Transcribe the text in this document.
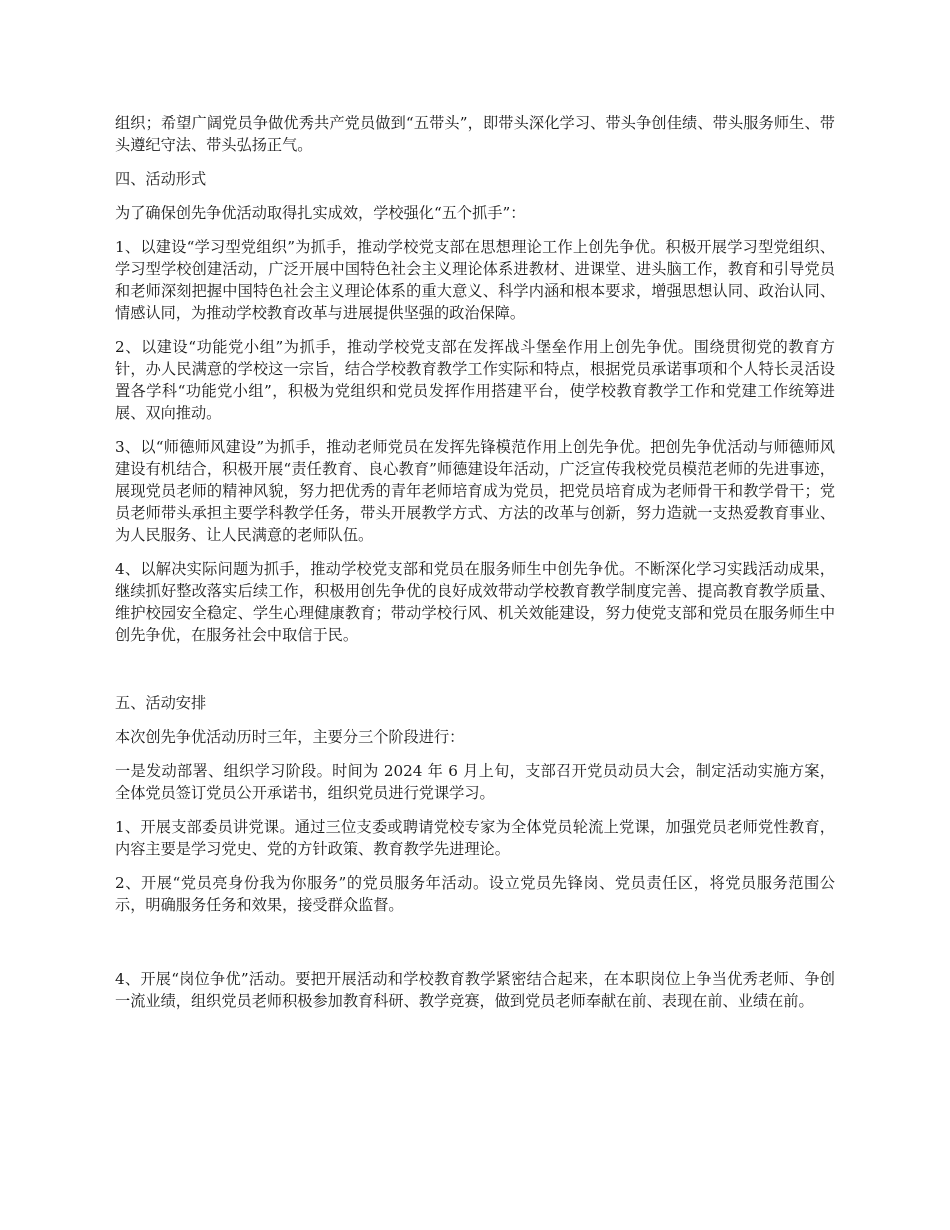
组织；希望广阔党员争做优秀共产党员做到“五带头”，即带头深化学习、带头争创佳绩、带头服务师生、带头遵纪守法、带头弘扬正气。

四、活动形式

为了确保创先争优活动取得扎实成效，学校强化“五个抓手”：

1、以建设“学习型党组织”为抓手，推动学校党支部在思想理论工作上创先争优。积极开展学习型党组织、学习型学校创建活动，广泛开展中国特色社会主义理论体系进教材、进课堂、进头脑工作，教育和引导党员和老师深刻把握中国特色社会主义理论体系的重大意义、科学内涵和根本要求，增强思想认同、政治认同、情感认同，为推动学校教育改革与进展提供坚强的政治保障。

2、以建设“功能党小组”为抓手，推动学校党支部在发挥战斗堡垒作用上创先争优。围绕贯彻党的教育方针，办人民满意的学校这一宗旨，结合学校教育教学工作实际和特点，根据党员承诺事项和个人特长灵活设置各学科“功能党小组”，积极为党组织和党员发挥作用搭建平台，使学校教育教学工作和党建工作统筹进展、双向推动。

3、以“师德师风建设”为抓手，推动老师党员在发挥先锋模范作用上创先争优。把创先争优活动与师德师风建设有机结合，积极开展“责任教育、良心教育”师德建设年活动，广泛宣传我校党员模范老师的先进事迹，展现党员老师的精神风貌，努力把优秀的青年老师培育成为党员，把党员培育成为老师骨干和教学骨干；党员老师带头承担主要学科教学任务，带头开展教学方式、方法的改革与创新，努力造就一支热爱教育事业、为人民服务、让人民满意的老师队伍。

4、以解决实际问题为抓手，推动学校党支部和党员在服务师生中创先争优。不断深化学习实践活动成果，继续抓好整改落实后续工作，积极用创先争优的良好成效带动学校教育教学制度完善、提高教育教学质量、维护校园安全稳定、学生心理健康教育；带动学校行风、机关效能建设，努力使党支部和党员在服务师生中创先争优，在服务社会中取信于民。

五、活动安排

本次创先争优活动历时三年，主要分三个阶段进行：

一是发动部署、组织学习阶段。时间为 2024 年 6 月上旬，支部召开党员动员大会，制定活动实施方案，全体党员签订党员公开承诺书，组织党员进行党课学习。

1、开展支部委员讲党课。通过三位支委或聘请党校专家为全体党员轮流上党课，加强党员老师党性教育，内容主要是学习党史、党的方针政策、教育教学先进理论。

2、开展“党员亮身份我为你服务”的党员服务年活动。设立党员先锋岗、党员责任区，将党员服务范围公示，明确服务任务和效果，接受群众监督。

4、开展“岗位争优”活动。要把开展活动和学校教育教学紧密结合起来，在本职岗位上争当优秀老师、争创一流业绩，组织党员老师积极参加教育科研、教学竞赛，做到党员老师奉献在前、表现在前、业绩在前。
